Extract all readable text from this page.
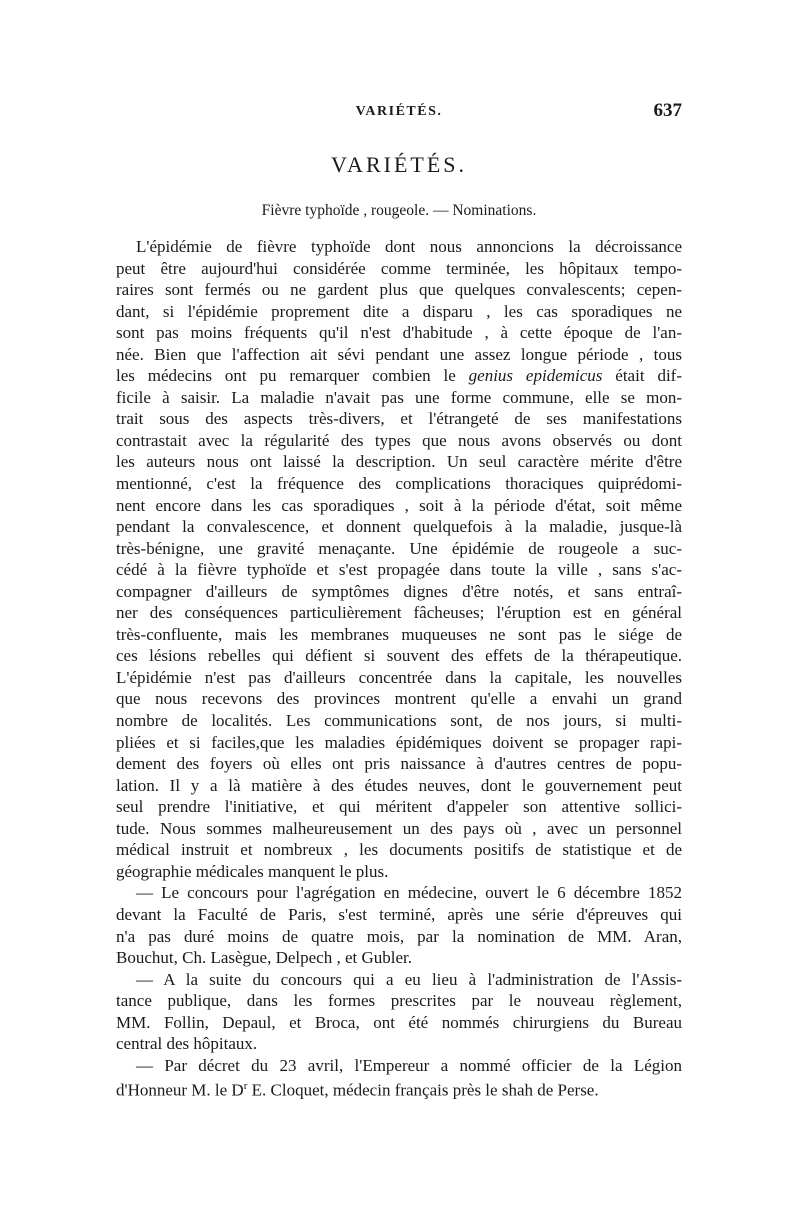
VARIÉTÉS.	637
VARIÉTÉS.
Fièvre typhoïde , rougeole. — Nominations.
L'épidémie de fièvre typhoïde dont nous annoncions la décroissance
peut être aujourd'hui considérée comme terminée, les hôpitaux tempo-
raires sont fermés ou ne gardent plus que quelques convalescents; cepen-
dant, si l'épidémie proprement dite a disparu , les cas sporadiques ne
sont pas moins fréquents qu'il n'est d'habitude , à cette époque de l'an-
née. Bien que l'affection ait sévi pendant une assez longue période , tous
les médecins ont pu remarquer combien le genius epidemicus était dif-
ficile à saisir. La maladie n'avait pas une forme commune, elle se mon-
trait sous des aspects très-divers, et l'étrangeté de ses manifestations
contrastait avec la régularité des types que nous avons observés ou dont
les auteurs nous ont laissé la description. Un seul caractère mérite d'être
mentionné, c'est la fréquence des complications thoraciques quiprédomi-
nent encore dans les cas sporadiques , soit à la période d'état, soit même
pendant la convalescence, et donnent quelquefois à la maladie, jusque-là
très-bénigne, une gravité menaçante. Une épidémie de rougeole a suc-
cédé à la fièvre typhoïde et s'est propagée dans toute la ville , sans s'ac-
compagner d'ailleurs de symptômes dignes d'être notés, et sans entraî-
ner des conséquences particulièrement fâcheuses; l'éruption est en général
très-confluente, mais les membranes muqueuses ne sont pas le siége de
ces lésions rebelles qui défient si souvent des effets de la thérapeutique.
L'épidémie n'est pas d'ailleurs concentrée dans la capitale, les nouvelles
que nous recevons des provinces montrent qu'elle a envahi un grand
nombre de localités. Les communications sont, de nos jours, si multi-
pliées et si faciles,que les maladies épidémiques doivent se propager rapi-
dement des foyers où elles ont pris naissance à d'autres centres de popu-
lation. Il y a là matière à des études neuves, dont le gouvernement peut
seul prendre l'initiative, et qui méritent d'appeler son attentive sollici-
tude. Nous sommes malheureusement un des pays où , avec un personnel
médical instruit et nombreux , les documents positifs de statistique et de
géographie médicales manquent le plus.
— Le concours pour l'agrégation en médecine, ouvert le 6 décembre 1852
devant la Faculté de Paris, s'est terminé, après une série d'épreuves qui
n'a pas duré moins de quatre mois, par la nomination de MM. Aran,
Bouchut, Ch. Lasègue, Delpech , et Gubler.
— A la suite du concours qui a eu lieu à l'administration de l'Assis-
tance publique, dans les formes prescrites par le nouveau règlement,
MM. Follin, Depaul, et Broca, ont été nommés chirurgiens du Bureau
central des hôpitaux.
— Par décret du 23 avril, l'Empereur a nommé officier de la Légion
d'Honneur M. le $D^r$ E. Cloquet, médecin français près le shah de Perse.
